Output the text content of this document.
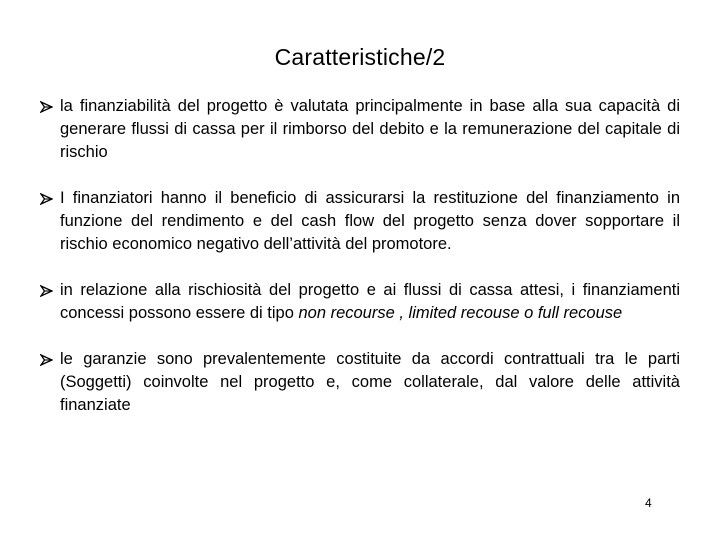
Caratteristiche/2
la finanziabilità del progetto è valutata principalmente in base alla sua capacità di generare flussi di cassa per il rimborso del debito e la remunerazione del capitale di rischio
I finanziatori hanno il beneficio di assicurarsi la restituzione del finanziamento in funzione del rendimento e del cash flow del progetto senza dover sopportare il rischio economico negativo dell’attività del promotore.
in relazione alla rischiosità del progetto e ai flussi di cassa attesi, i finanziamenti concessi possono essere di tipo non recourse , limited recouse o full recouse
le garanzie sono prevalentemente costituite da accordi contrattuali tra le parti (Soggetti) coinvolte nel progetto e, come collaterale, dal valore delle attività finanziate
4
